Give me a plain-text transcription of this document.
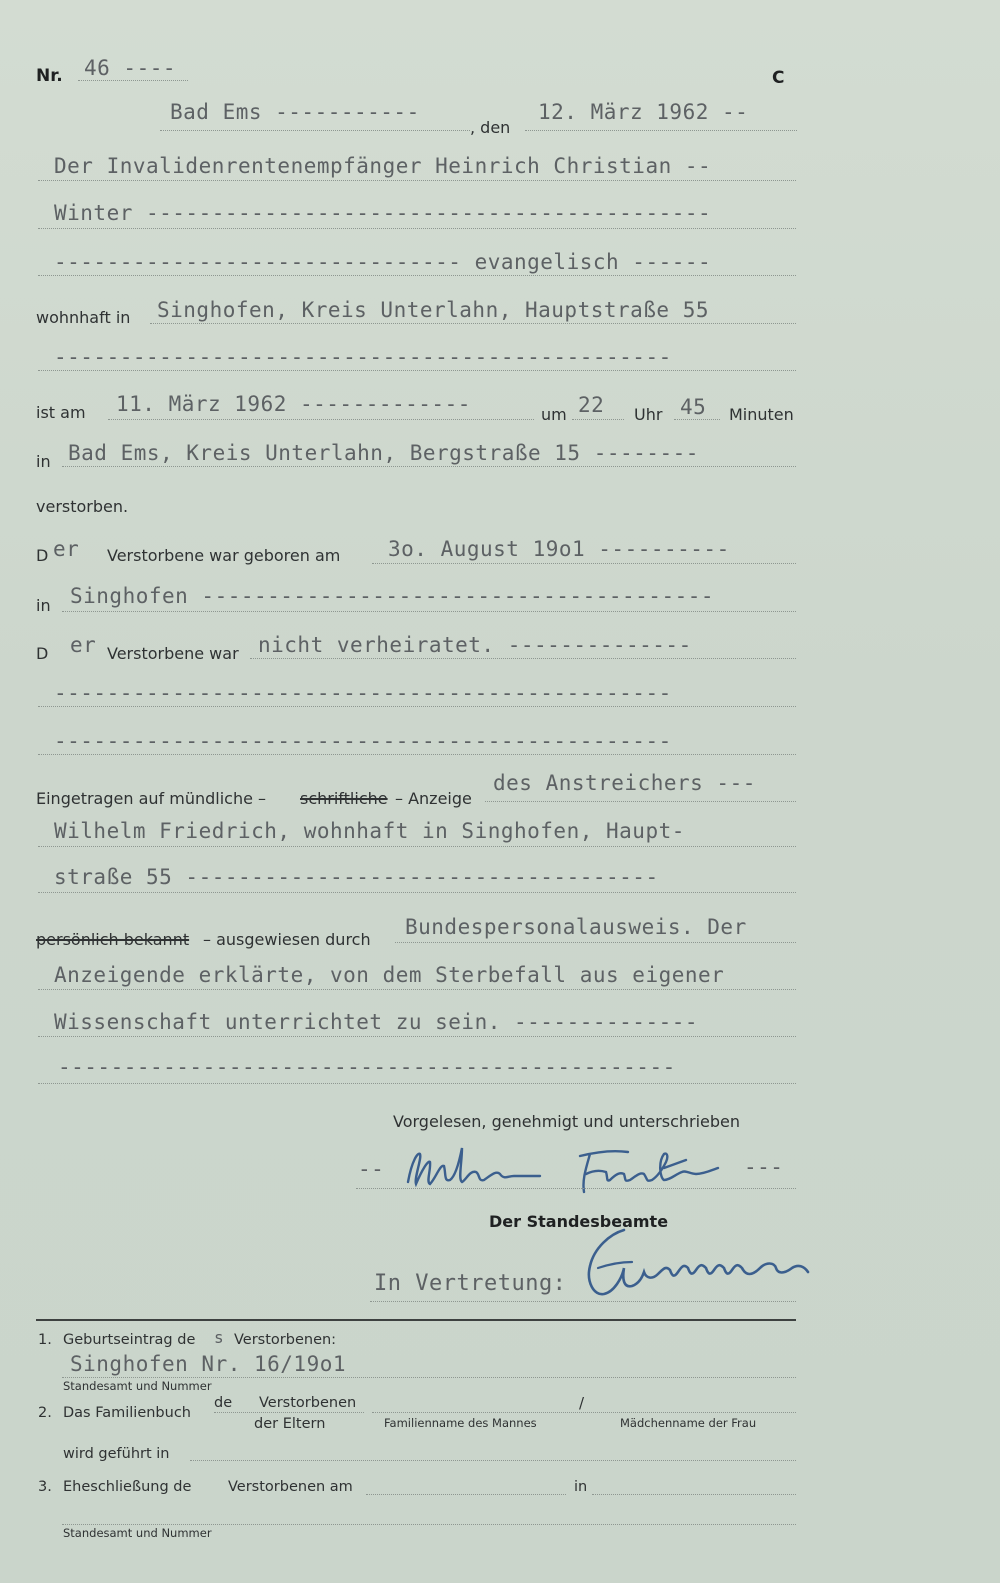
Nr. 46 ----	C
Bad Ems -----------
, den
12. März 1962 --
Der Invalidenrentenempfänger Heinrich Christian --
Winter -------------------------------------------
------------------------------- evangelisch ------
wohnhaft in Singhofen, Kreis Unterlahn, Hauptstraße 55
-----------------------------------------------
ist am 11. März 1962 -------------	um 22 Uhr 45 Minuten
in Bad Ems, Kreis Unterlahn, Bergstraße 15 --------
verstorben.
D er Verstorbene war geboren am 3o. August 19o1 ----------
in Singhofen ---------------------------------------
D er Verstorbene war nicht verheiratet. --------------
-----------------------------------------------
-----------------------------------------------
Eingetragen auf mündliche – schriftliche – Anzeige
des Anstreichers ---
Wilhelm Friedrich, wohnhaft in Singhofen, Haupt-
straße 55 ------------------------------------
persönlich bekannt – ausgewiesen durch
Bundespersonalausweis. Der
Anzeigende erklärte, von dem Sterbefall aus eigener
Wissenschaft unterrichtet zu sein. --------------
-----------------------------------------------
Vorgelesen, genehmigt und unterschrieben
--	---
Der Standesbeamte
In Vertretung:
1. Geburtseintrag de s Verstorbenen:
Singhofen Nr. 16/19o1
Standesamt und Nummer
2. Das Familienbuch
de Verstorbenen
der Eltern
/
Familienname des Mannes	Mädchenname der Frau
wird geführt in
3. Eheschließung de	Verstorbenen am	in
Standesamt und Nummer
